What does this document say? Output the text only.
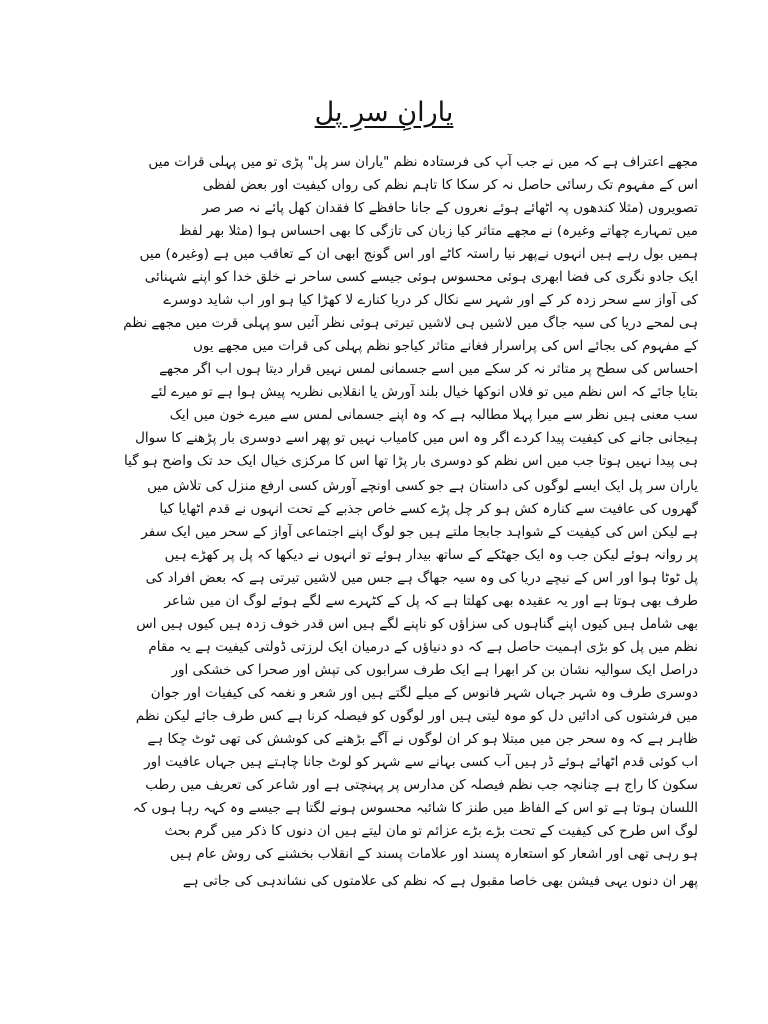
یارانِ سرِ پل
مجھے اعتراف ہے کہ میں نے جب آپ کی فرستادہ نظم "یاران سر پل" پڑی تو میں پہلی قرات میں
اس کے مفہوم تک رسائی حاصل نہ کر سکا کا تاہم نظم کی رواں کیفیت اور بعض لفظی
تصویروں (مثلا کندھوں پہ اٹھائے ہوئے نعروں کے جانا حافظے کا فقدان کھل پائے نہ صر صر
میں تمہارے چھاتے وغیرہ) نے مجھے متاثر کیا زبان کی تازگی کا بھی احساس ہوا (مثلا بھر لفظ
ہمیں بول رہے ہیں انہوں نےپھر نیا راستہ کاٹے اور اس گونج ابھی ان کے تعاقب میں ہے (وغیرہ) میں
ایک جادو نگری کی فضا ابھری ہوئی محسوس ہوئی جیسے کسی ساحر نے خلق خدا کو اپنے شہنائی
کی آواز سے سحر زدہ کر کے اور شہر سے نکال کر دریا کنارے لا کھڑا کیا ہو اور اب شاید دوسرے
ہی لمحے دریا کی سیہ جاگ میں لاشیں ہی لاشیں تیرتی ہوئی نظر آئیں سو پہلی قرت میں مجھے نظم
کے مفہوم کی بجائے اس کی پراسرار فغانے متاثر کیاجو نظم پہلی کی قرات میں مجھے یوں
احساس کی سطح پر متاثر نہ کر سکے میں اسے جسمانی لمس نہیں قرار دیتا ہوں اب اگر مجھے
بتایا جائے کہ اس نظم میں تو فلاں انوکھا خیال بلند آورش یا انقلابی نظریہ پیش ہوا ہے تو میرے لئے
سب معنی ہیں نظر سے میرا پہلا مطالبہ ہے کہ وہ اپنے جسمانی لمس سے میرے خون میں ایک
ہیجانی جانے کی کیفیت پیدا کردے اگر وہ اس میں کامیاب نہیں تو پھر اسے دوسری بار پڑھنے کا سوال
ہی پیدا نہیں ہوتا جب میں اس نظم کو دوسری بار پڑا تھا اس کا مرکزی خیال ایک حد تک واضح ہو گیا
یاران سر پل ایک ایسے لوگوں کی داستان ہے جو کسی اونچے آورش کسی ارفع منزل کی تلاش میں
گھروں کی عافیت سے کنارہ کش ہو کر چل پڑے کسے خاص جذبے کے تحت انہوں نے قدم اٹھایا کیا
ہے لیکن اس کی کیفیت کے شواہد جابجا ملتے ہیں جو لوگ اپنے اجتماعی آواز کے سحر میں ایک سفر
پر روانہ ہوئے لیکن جب وہ ایک جھٹکے کے ساتھ بیدار ہوئے تو انہوں نے دیکھا کہ پل پر کھڑے ہیں
پل ٹوٹا ہوا اور اس کے نیچے دریا کی وہ سیہ جھاگ ہے جس میں لاشیں تیرتی ہے کہ بعض افراد کی
طرف بھی ہوتا ہے اور یہ عقیدہ بھی کھلتا ہے کہ پل کے کٹہرے سے لگے ہوئے لوگ ان میں شاعر
بھی شامل ہیں کیوں اپنے گناہوں کی سزاؤں کو ناپنے لگے ہیں اس قدر خوف زدہ ہیں کیوں ہیں اس
نظم میں پل کو بڑی اہمیت حاصل ہے کہ دو دنیاؤں کے درمیان ایک لرزتی ڈولتی کیفیت ہے یہ مقام
دراصل ایک سوالیہ نشان بن کر ابھرا ہے ایک طرف سرابوں کی تپش اور صحرا کی خشکی اور
دوسری طرف وہ شہر جہاں شہر فانوس کے میلے لگتے ہیں اور شعر و نغمہ کی کیفیات اور جوان
میں فرشتوں کی ادائیں دل کو موہ لیتی ہیں اور لوگوں کو فیصلہ کرنا ہے کس طرف جائے لیکن نظم
ظاہر ہے کہ وہ سحر جن میں مبتلا ہو کر ان لوگوں نے آگے بڑھنے کی کوشش کی تھی ٹوٹ چکا ہے
اب کوئی قدم اٹھائے ہوئے ڈر ہیں آب کسی بہانے سے شہر کو لوٹ جانا چاہتے ہیں جہاں عافیت اور
سکون کا راج ہے چنانچہ جب نظم فیصلہ کن مدارس پر پہنچتی ہے اور شاعر کی تعریف میں رطب
اللسان ہوتا ہے تو اس کے الفاظ میں طنز کا شائبہ محسوس ہونے لگتا ہے جیسے وہ کہہ رہا ہوں کہ
لوگ اس طرح کی کیفیت کے تحت بڑے بڑے عزائم تو مان لیتے ہیں ان دنوں کا ذکر میں گرم بحث
ہو رہی تھی اور اشعار کو استعارہ پسند اور علامات پسند کے انقلاب بخشنے کی روش عام ہیں
پھر ان دنوں یہی فیشن بھی خاصا مقبول ہے کہ نظم کی علامتوں کی نشاندہی کی جاتی ہے
